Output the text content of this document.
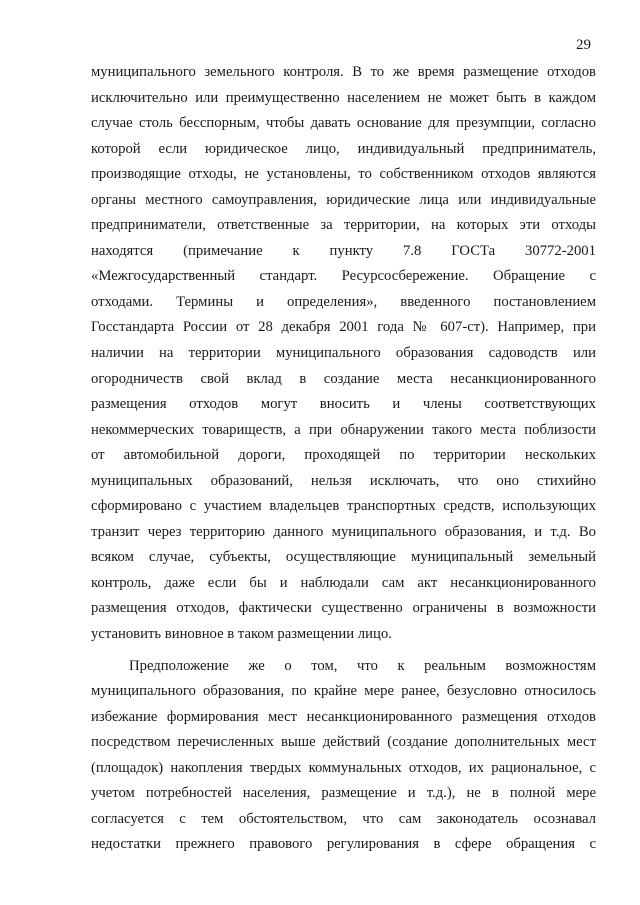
29
муниципального земельного контроля. В то же время размещение отходов
исключительно или преимущественно населением не может быть в каждом
случае столь бесспорным, чтобы давать основание для презумпции, согласно
которой если юридическое лицо, индивидуальный предприниматель,
производящие отходы, не установлены, то собственником отходов являются
органы местного самоуправления, юридические лица или индивидуальные
предприниматели, ответственные за территории, на которых эти отходы
находятся (примечание к пункту 7.8 ГОСТа 30772-2001
«Межгосударственный стандарт. Ресурсосбережение. Обращение с
отходами. Термины и определения», введенного постановлением
Госстандарта России от 28 декабря 2001 года № 607-ст). Например, при
наличии на территории муниципального образования садоводств или
огородничеств свой вклад в создание места несанкционированного
размещения отходов могут вносить и члены соответствующих
некоммерческих товариществ, а при обнаружении такого места поблизости
от автомобильной дороги, проходящей по территории нескольких
муниципальных образований, нельзя исключать, что оно стихийно
сформировано с участием владельцев транспортных средств, использующих
транзит через территорию данного муниципального образования, и т.д. Во
всяком случае, субъекты, осуществляющие муниципальный земельный
контроль, даже если бы и наблюдали сам акт несанкционированного
размещения отходов, фактически существенно ограничены в возможности
установить виновное в таком размещении лицо.
Предположение же о том, что к реальным возможностям
муниципального образования, по крайне мере ранее, безусловно относилось
избежание формирования мест несанкционированного размещения отходов
посредством перечисленных выше действий (создание дополнительных мест
(площадок) накопления твердых коммунальных отходов, их рациональное, с
учетом потребностей населения, размещение и т.д.), не в полной мере
согласуется с тем обстоятельством, что сам законодатель осознавал
недостатки прежнего правового регулирования в сфере обращения с
